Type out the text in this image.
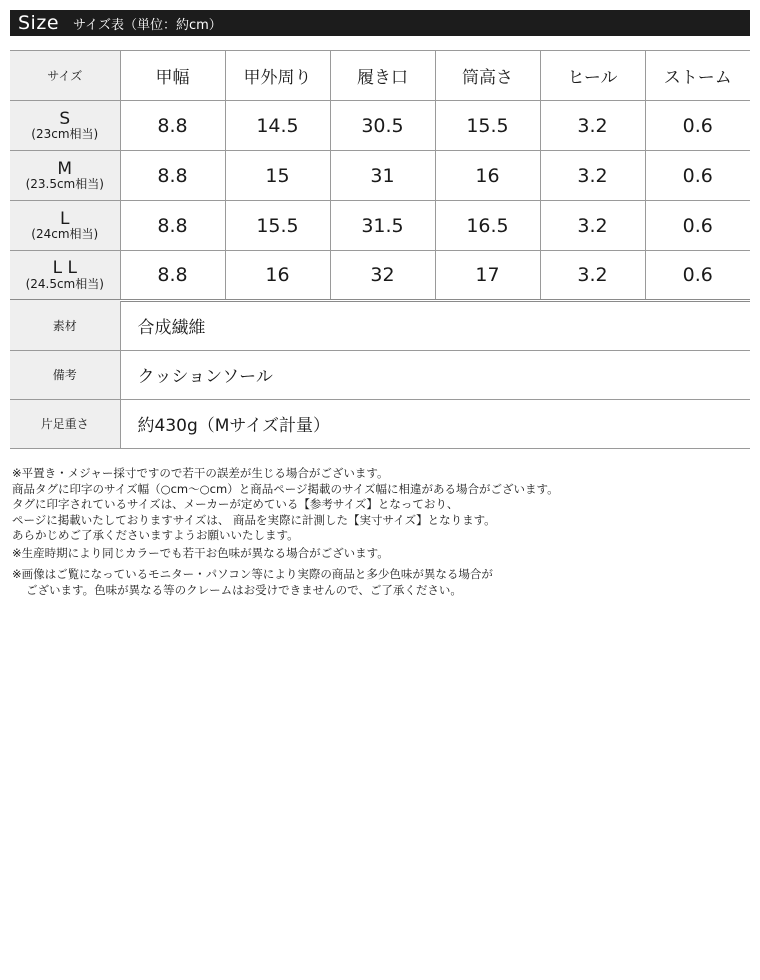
Size サイズ表（単位：約cm）
サイズ	甲幅	甲外周り	履き口	筒高さ	ヒール	ストーム

S
(23cm相当)	8.8	14.5	30.5	15.5	3.2	0.6

M
(23.5cm相当)	8.8	15	31	16	3.2	0.6

L
(24cm相当)	8.8	15.5	31.5	16.5	3.2	0.6

L L
(24.5cm相当)	8.8	16	32	17	3.2	0.6
素材	合成繊維
備考	クッションソール
片足重さ	約430g（Mサイズ計量）

※平置き・メジャー採寸ですので若干の誤差が生じる場合がございます。

商品タグに印字のサイズ幅（○cm〜○cm）と商品ページ掲載のサイズ幅に相違がある場合がございます。

タグに印字されているサイズは、メーカーが定めている【参考サイズ】となっており、

ページに掲載いたしておりますサイズは、 商品を実際に計測した【実寸サイズ】となります。

あらかじめご了承くださいますようお願いいたします。

※生産時期により同じカラーでも若干お色味が異なる場合がございます。

※画像はご覧になっているモニター・パソコン等により実際の商品と多少色味が異なる場合が

ございます。色味が異なる等のクレームはお受けできませんので、ご了承ください。
